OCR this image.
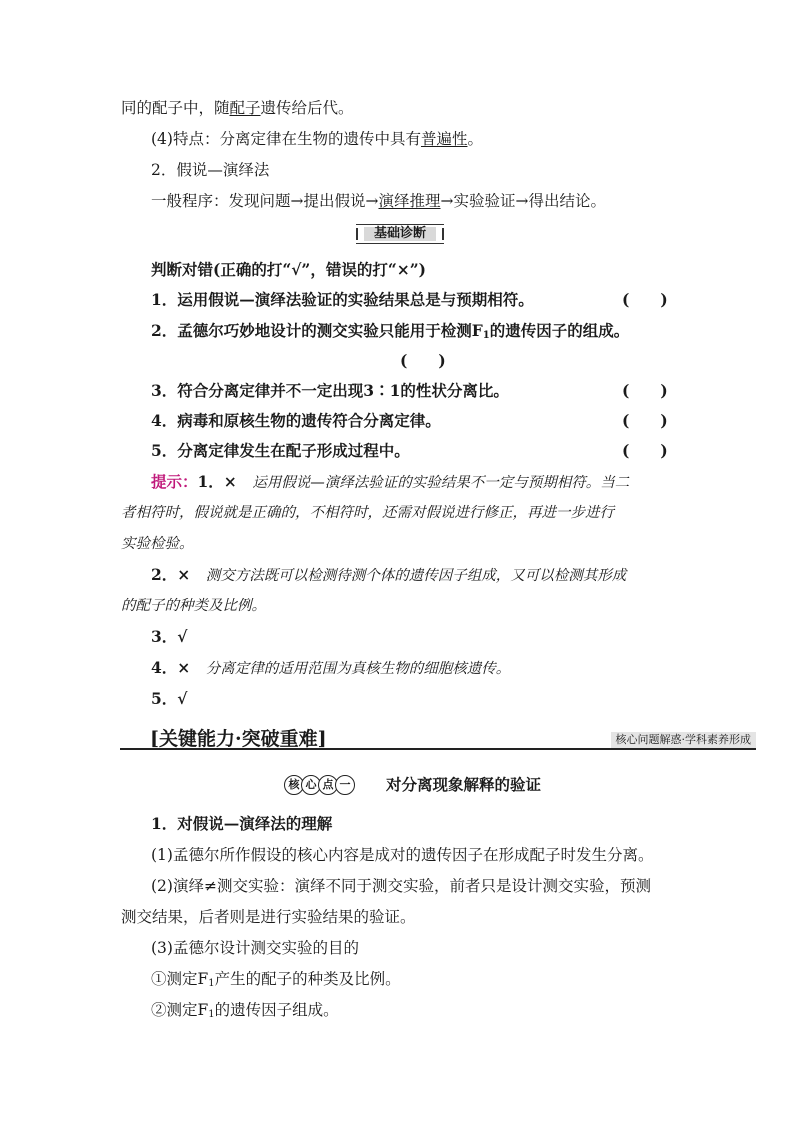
同的配子中，随配子遗传给后代。
(4)特点：分离定律在生物的遗传中具有普遍性。
2．假说—演绎法
一般程序：发现问题→提出假说→演绎推理→实验验证→得出结论。
基础诊断
判断对错(正确的打“√”，错误的打“×”)
1．运用假说—演绎法验证的实验结果总是与预期相符。	(　　)
2．孟德尔巧妙地设计的测交实验只能用于检测$F_1$的遗传因子的组成。
(　　)
3．符合分离定律并不一定出现3∶1的性状分离比。	(　　)
4．病毒和原核生物的遗传符合分离定律。	(　　)
5．分离定律发生在配子形成过程中。	(　　)
提示：1．×　 运用假说—演绎法验证的实验结果不一定与预期相符。当二
者相符时，假说就是正确的，不相符时，还需对假说进行修正，再进一步进行
实验检验。
2．×　 测交方法既可以检测待测个体的遗传因子组成，又可以检测其形成
的配子的种类及比例。
3．√
4．×　 分离定律的适用范围为真核生物的细胞核遗传。
5．√
[关键能力·突破重难]	核心问题解惑·学科素养形成
核 心 点 一 对分离现象解释的验证
1．对假说—演绎法的理解
(1)孟德尔所作假设的核心内容是成对的遗传因子在形成配子时发生分离。
(2)演绎≠测交实验：演绎不同于测交实验，前者只是设计测交实验，预测
测交结果，后者则是进行实验结果的验证。
(3)孟德尔设计测交实验的目的
①测定$F_1$产生的配子的种类及比例。
②测定$F_1$的遗传因子组成。
